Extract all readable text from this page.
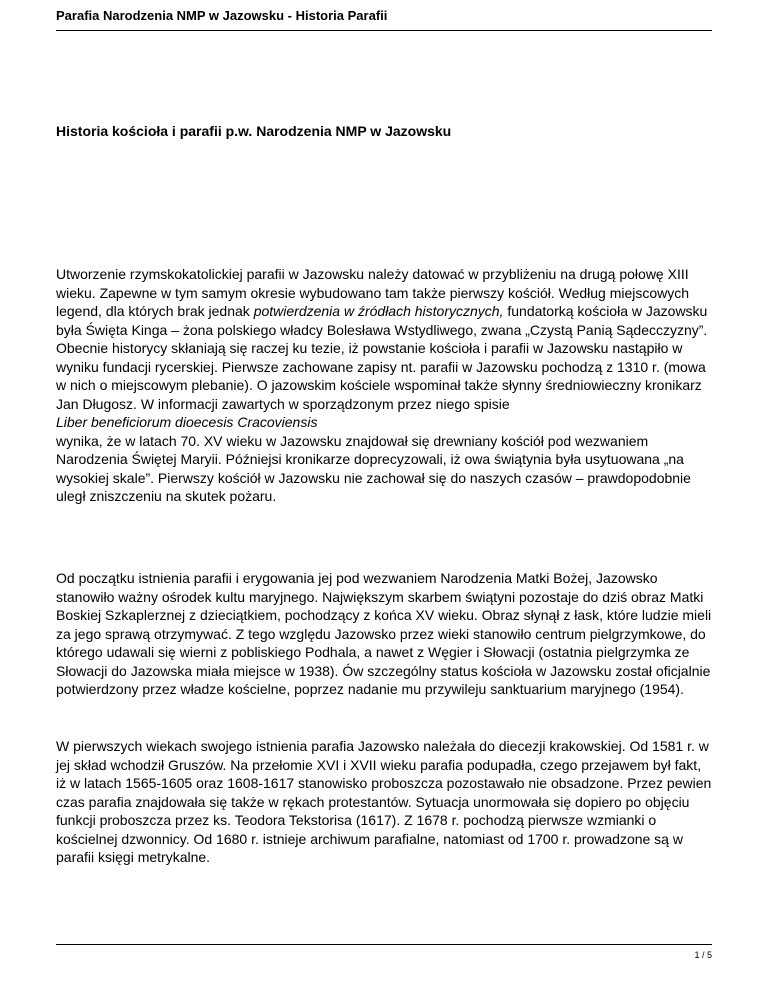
Parafia Narodzenia NMP w Jazowsku - Historia Parafii
Historia kościoła i parafii p.w. Narodzenia NMP w Jazowsku

Utworzenie rzymskokatolickiej parafii w Jazowsku należy datować w przybliżeniu na drugą połowę XIII wieku. Zapewne w tym samym okresie wybudowano tam także pierwszy kościół. Według miejscowych legend, dla których brak jednak potwierdzenia w źródłach historycznych, fundatorką kościoła w Jazowsku była Święta Kinga – żona polskiego władcy Bolesława Wstydliwego, zwana „Czystą Panią Sądecczyzny”. Obecnie historycy skłaniają się raczej ku tezie, iż powstanie kościoła i parafii w Jazowsku nastąpiło w wyniku fundacji rycerskiej. Pierwsze zachowane zapisy nt. parafii w Jazowsku pochodzą z 1310 r. (mowa w nich o miejscowym plebanie). O jazowskim kościele wspominał także słynny średniowieczny kronikarz Jan Długosz. W informacji zawartych w sporządzonym przez niego spisie
Liber beneficiorum dioecesis Cracoviensis
wynika, że w latach 70. XV wieku w Jazowsku znajdował się drewniany kościół pod wezwaniem Narodzenia Świętej Maryii. Późniejsi kronikarze doprecyzowali, iż owa świątynia była usytuowana „na wysokiej skale”. Pierwszy kościół w Jazowsku nie zachował się do naszych czasów – prawdopodobnie uległ zniszczeniu na skutek pożaru.

Od początku istnienia parafii i erygowania jej pod wezwaniem Narodzenia Matki Bożej, Jazowsko stanowiło ważny ośrodek kultu maryjnego. Największym skarbem świątyni pozostaje do dziś obraz Matki Boskiej Szkaplerznej z dzieciątkiem, pochodzący z końca XV wieku. Obraz słynął z łask, które ludzie mieli za jego sprawą otrzymywać. Z tego względu Jazowsko przez wieki stanowiło centrum pielgrzymkowe, do którego udawali się wierni z pobliskiego Podhala, a nawet z Węgier i Słowacji (ostatnia pielgrzymka ze Słowacji do Jazowska miała miejsce w 1938). Ów szczególny status kościoła w Jazowsku został oficjalnie potwierdzony przez władze kościelne, poprzez nadanie mu przywileju sanktuarium maryjnego (1954).

W pierwszych wiekach swojego istnienia parafia Jazowsko należała do diecezji krakowskiej. Od 1581 r. w jej skład wchodził Gruszów. Na przełomie XVI i XVII wieku parafia podupadła, czego przejawem był fakt, iż w latach 1565-1605 oraz 1608-1617 stanowisko proboszcza pozostawało nie obsadzone. Przez pewien czas parafia znajdowała się także w rękach protestantów. Sytuacja unormowała się dopiero po objęciu funkcji proboszcza przez ks. Teodora Tekstorisa (1617). Z 1678 r. pochodzą pierwsze wzmianki o kościelnej dzwonnicy. Od 1680 r. istnieje archiwum parafialne, natomiast od 1700 r. prowadzone są w parafii księgi metrykalne.

1 / 5
